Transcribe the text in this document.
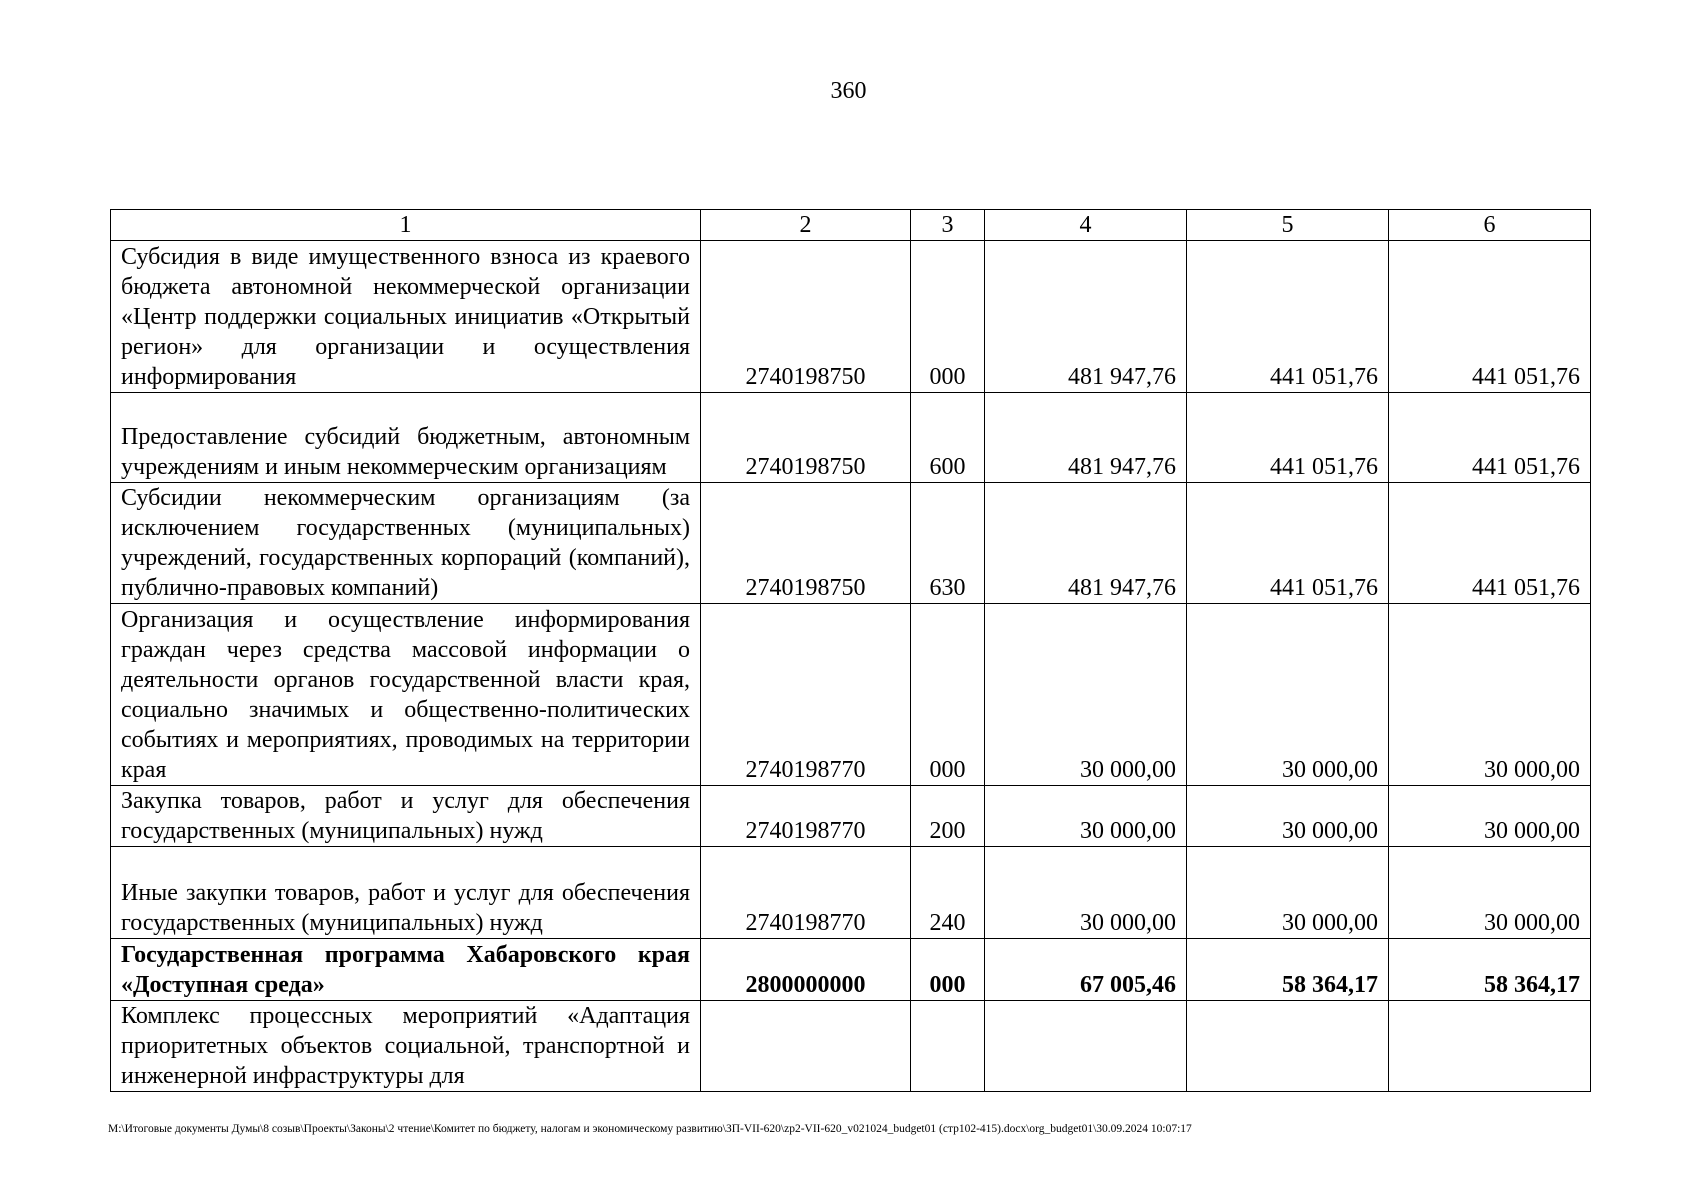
360
1	2	3	4	5	6
Субсидия в виде имущественного взноса из краевого бюджета автономной некоммерческой организации «Центр поддержки социальных инициатив «Открытый регион» для организации и осуществления информирования	2740198750	000	481 947,76	441 051,76	441 051,76
Предоставление субсидий бюджетным, автономным учреждениям и иным некоммерческим организациям	2740198750	600	481 947,76	441 051,76	441 051,76
Субсидии некоммерческим организациям (за исключением государственных (муниципальных) учреждений, государственных корпораций (компаний), публично-правовых компаний)	2740198750	630	481 947,76	441 051,76	441 051,76
Организация и осуществление информирования граждан через средства массовой информации о деятельности органов государственной власти края, социально значимых и общественно-политических событиях и мероприятиях, проводимых на территории края	2740198770	000	30 000,00	30 000,00	30 000,00
Закупка товаров, работ и услуг для обеспечения государственных (муниципальных) нужд	2740198770	200	30 000,00	30 000,00	30 000,00
Иные закупки товаров, работ и услуг для обеспечения государственных (муниципальных) нужд	2740198770	240	30 000,00	30 000,00	30 000,00
Государственная программа Хабаровского края «Доступная среда»	2800000000	000	67 005,46	58 364,17	58 364,17
Комплекс процессных мероприятий «Адаптация приоритетных объектов социальной, транспортной и инженерной инфраструктуры для					
M:\Итоговые документы Думы\8 созыв\Проекты\Законы\2 чтение\Комитет по бюджету, налогам и экономическому развитию\ЗП-VII-620\zp2-VII-620_v021024_budget01 (стр102-415).docx\org_budget01\30.09.2024 10:07:17
